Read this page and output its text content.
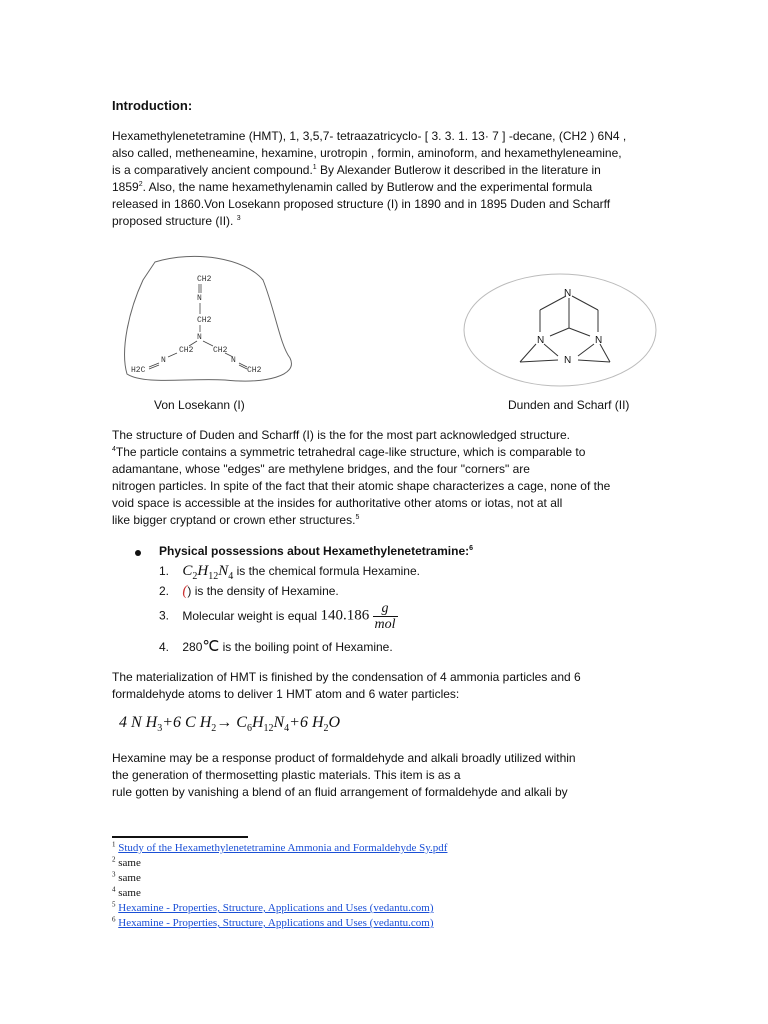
Introduction:
Hexamethylenetetramine (HMT), 1, 3,5,7- tetraazatricyclo- [ 3. 3. 1. 13· 7 ] -decane, (CH2 ) 6N4 ,
also called, metheneamine, hexamine, urotropin , formin, aminoform, and hexamethyleneamine,
is a comparatively ancient compound.$^1$ By Alexander Butlerow it described in the literature in
1859$^2$. Also, the name hexamethylenamin called by Butlerow and the experimental formula
released in 1860.Von Losekann proposed structure (I) in 1890 and in 1895 Duden and Scharff
proposed structure (II). $^3$
CH2
N
CH2
N
CH2
N
H2C
CH2
N
CH2
N
N	N
N
Von Losekann (I)	Dunden and Scharf (II)
The structure of Duden and Scharff (I) is the for the most part acknowledged structure.
$^4$The particle contains a symmetric tetrahedral cage-like structure, which is comparable to
adamantane, whose "edges" are methylene bridges, and the four "corners" are
nitrogen particles. In spite of the fact that their atomic shape characterizes a cage, none of the
void space is accessible at the insides for authoritative other atoms or iotas, not at all
like bigger cryptand or crown ether structures.$^5$
Physical possessions about Hexamethylenetetramine:$^6$
1. $C_2H_{12}N_4$ is the chemical formula Hexamine.
2. () is the density of Hexamine.
3. Molecular weight is equal $140.186 \frac{g}{\text{mol}}$
4. 280℃ is the boiling point of Hexamine.
The materialization of HMT is finished by the condensation of 4 ammonia particles and 6
formaldehyde atoms to deliver 1 HMT atom and 6 water particles:
4 N $H_3+6$ C $H_2\to C_6H_{12}N_4+6$ $H_2O$
Hexamine may be a response product of formaldehyde and alkali broadly utilized within
the generation of thermosetting plastic materials. This item is as a
rule gotten by vanishing a blend of an fluid arrangement of formaldehyde and alkali by
$^1$ Study of the Hexamethylenetetramine Ammonia and Formaldehyde Sy.pdf
$^2$ same
$^3$ same
$^4$ same
$^5$ Hexamine - Properties, Structure, Applications and Uses (vedantu.com)
$^6$ Hexamine - Properties, Structure, Applications and Uses (vedantu.com)
